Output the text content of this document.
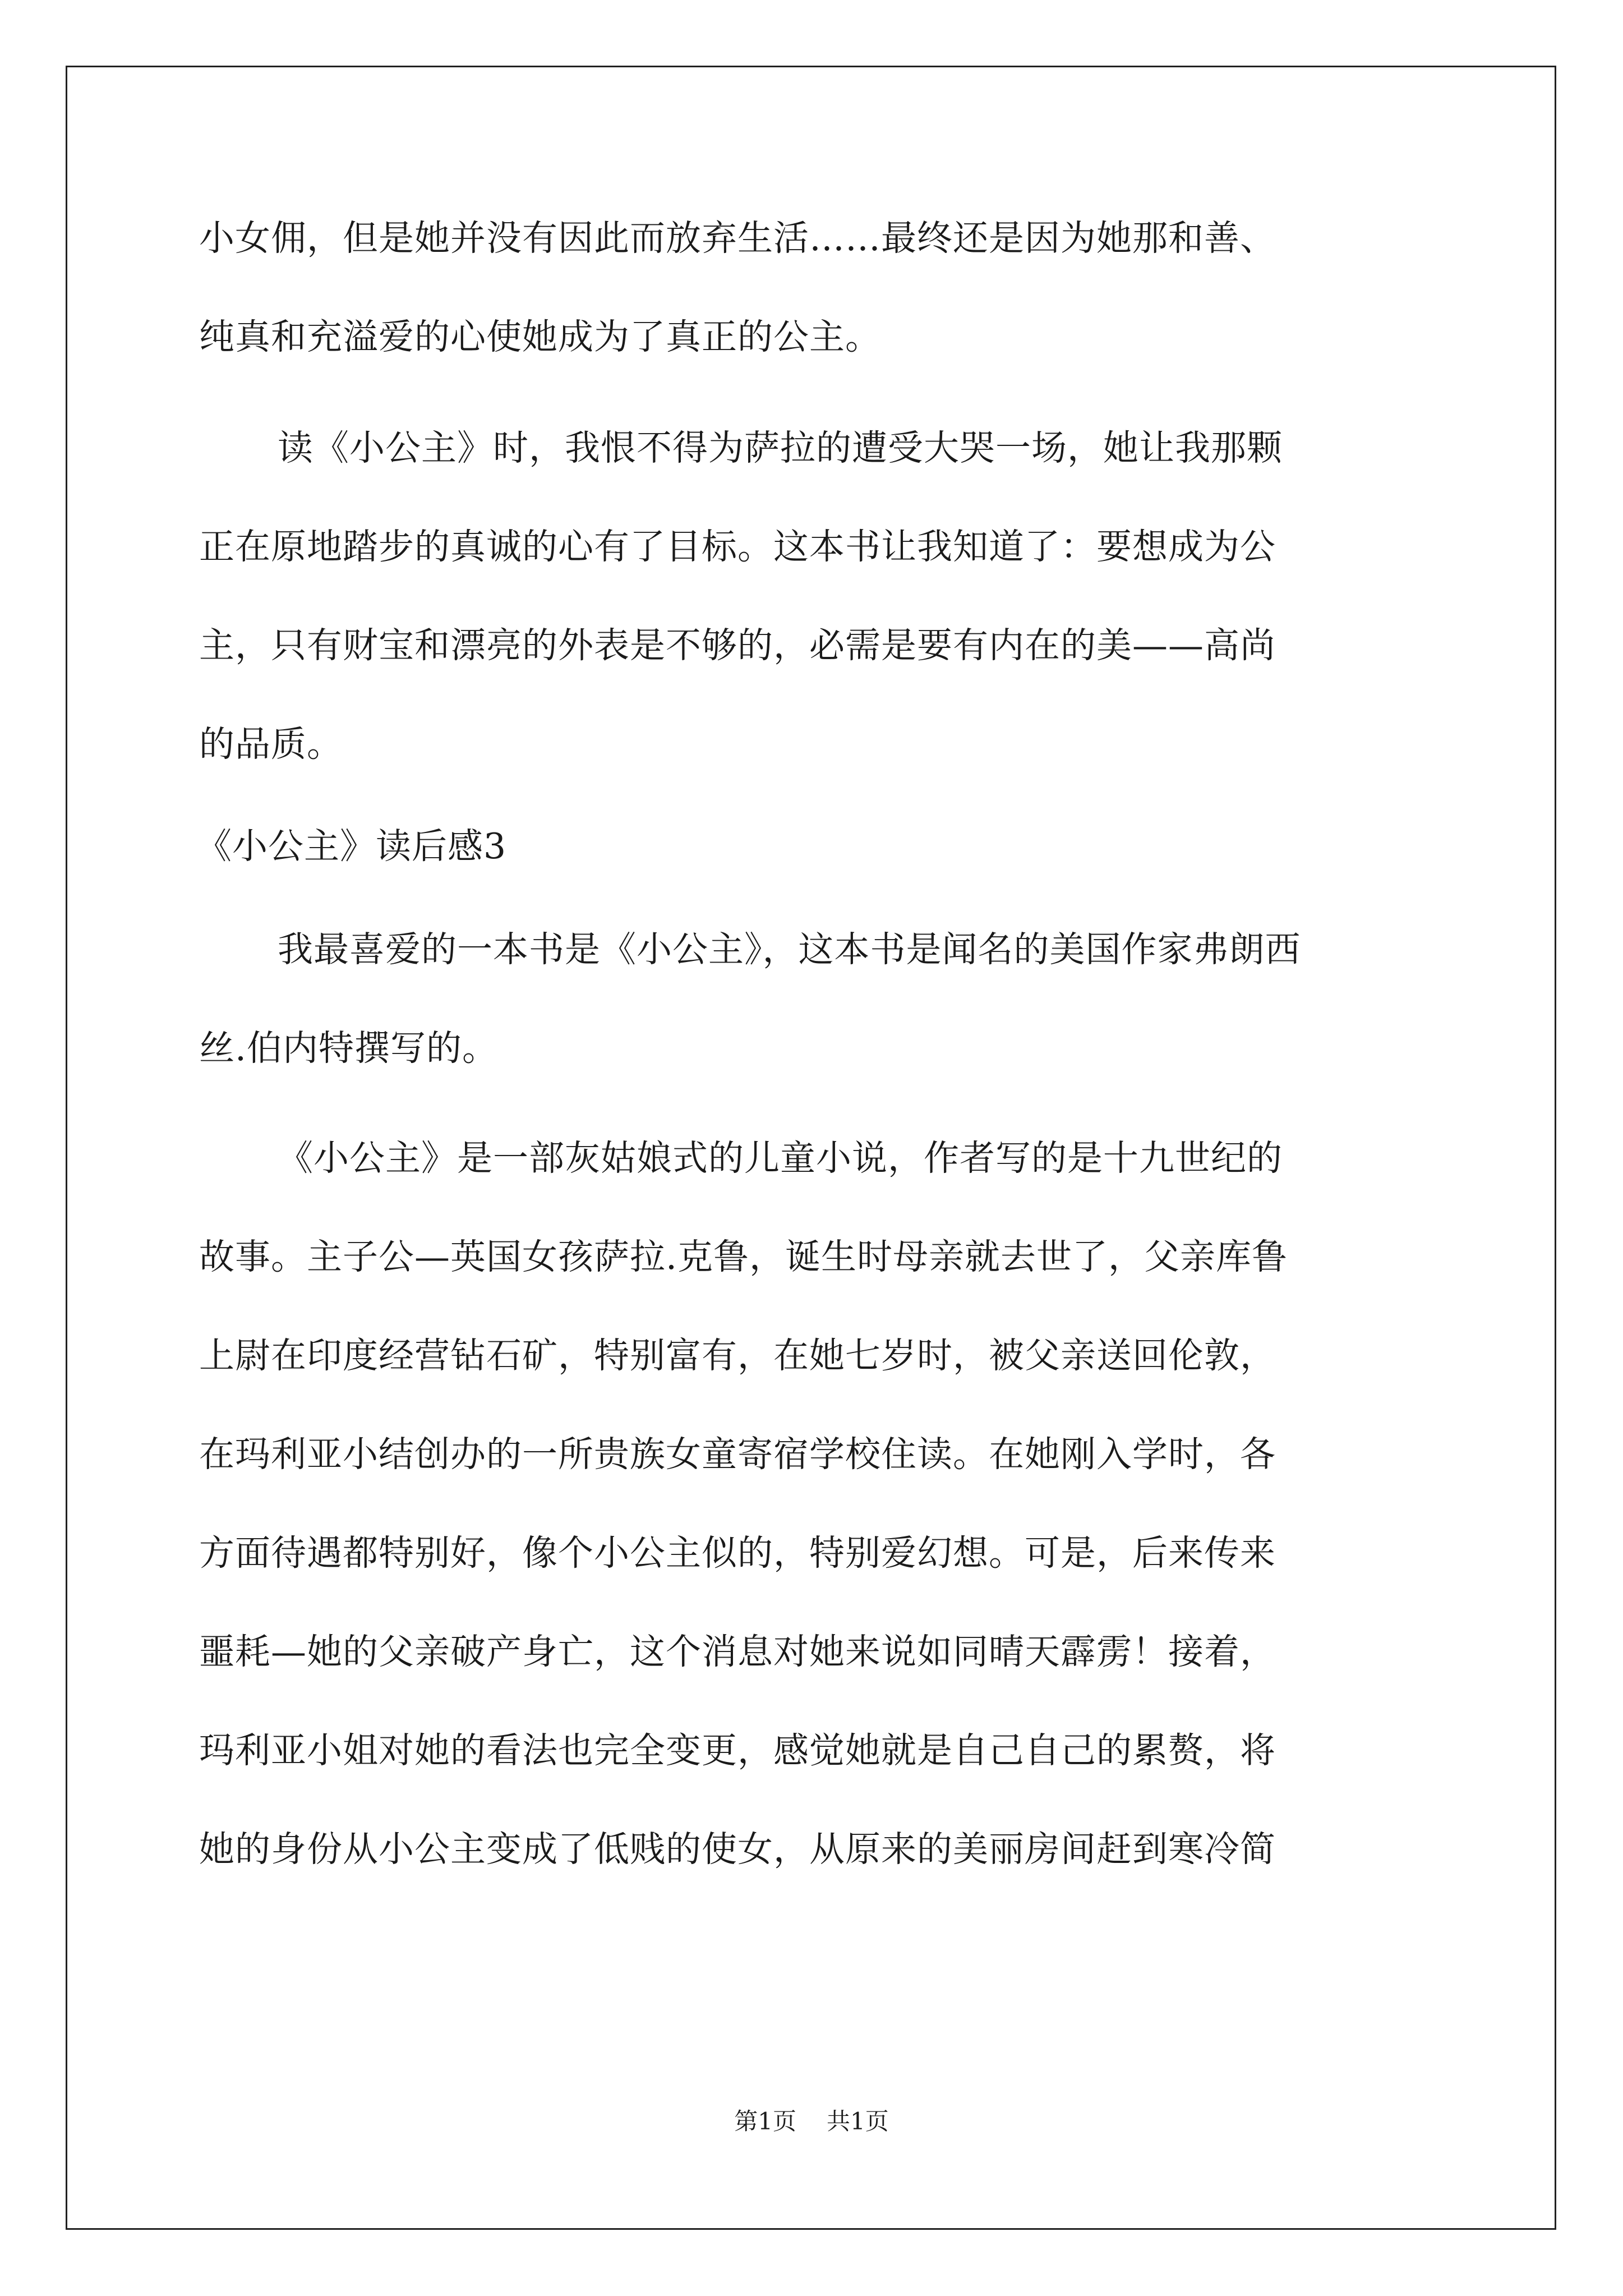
小女佣，但是她并没有因此而放弃生活……最终还是因为她那和善、
纯真和充溢爱的心使她成为了真正的公主。
读《小公主》时，我恨不得为萨拉的遭受大哭一场，她让我那颗
正在原地踏步的真诚的心有了目标。这本书让我知道了：要想成为公
主，只有财宝和漂亮的外表是不够的，必需是要有内在的美——高尚
的品质。
《小公主》读后感3
我最喜爱的一本书是《小公主》，这本书是闻名的美国作家弗朗西
丝.伯内特撰写的。
《小公主》是一部灰姑娘式的儿童小说，作者写的是十九世纪的
故事。主子公—英国女孩萨拉.克鲁，诞生时母亲就去世了，父亲库鲁
上尉在印度经营钻石矿，特别富有，在她七岁时，被父亲送回伦敦，
在玛利亚小结创办的一所贵族女童寄宿学校住读。在她刚入学时，各
方面待遇都特别好，像个小公主似的，特别爱幻想。可是，后来传来
噩耗—她的父亲破产身亡，这个消息对她来说如同晴天霹雳！接着，
玛利亚小姐对她的看法也完全变更，感觉她就是自己自己的累赘，将
她的身份从小公主变成了低贱的使女，从原来的美丽房间赶到寒冷简
第1页 共1页
